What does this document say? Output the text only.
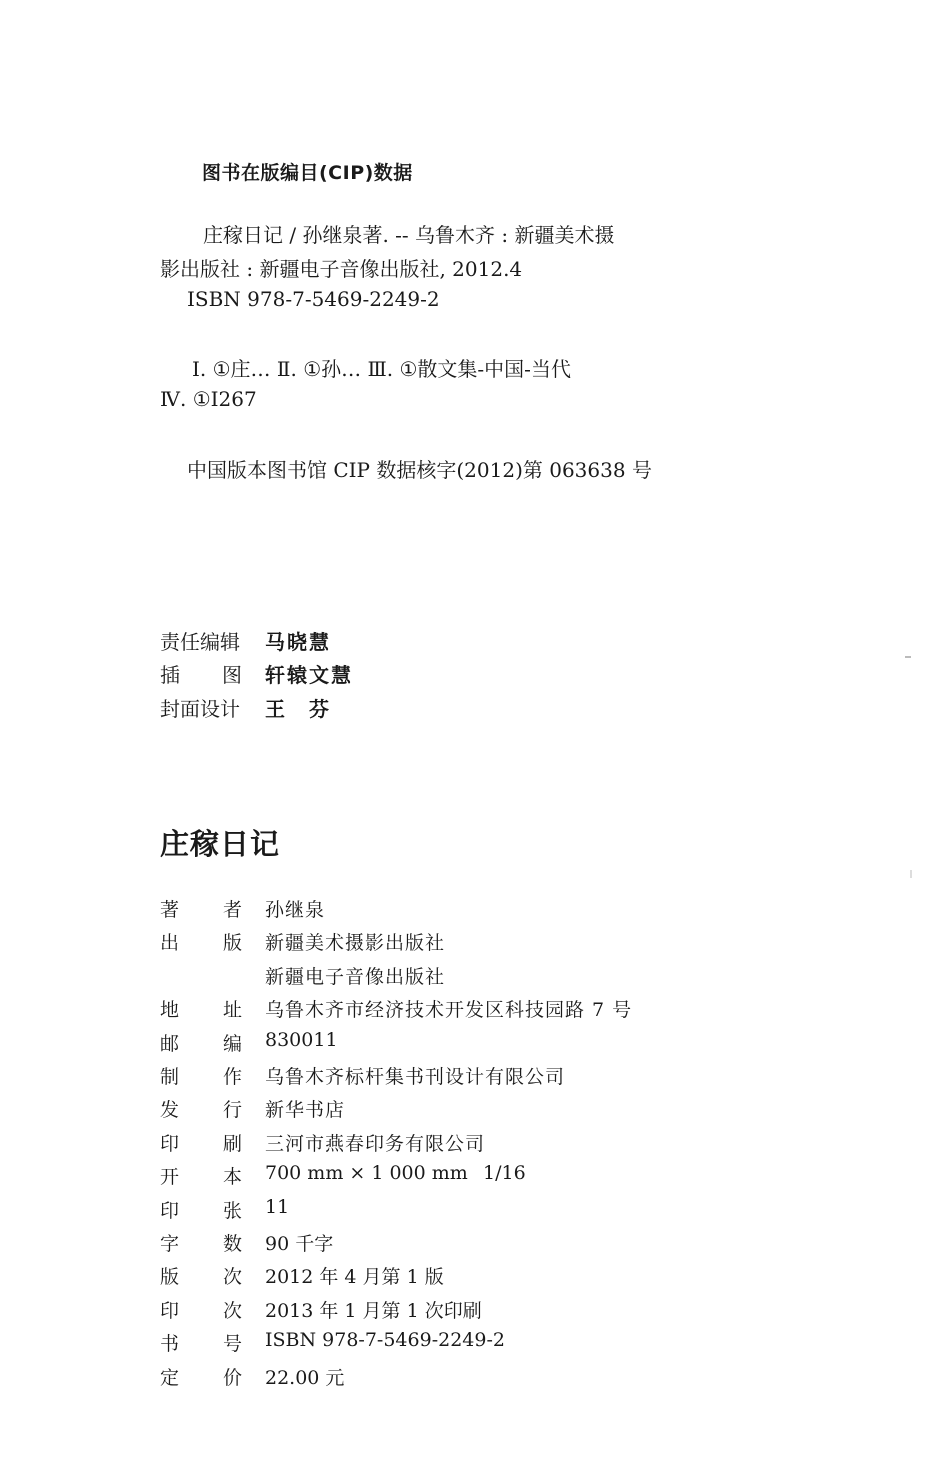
图书在版编目(CIP)数据
庄稼日记 / 孙继泉著. -- 乌鲁木齐 : 新疆美术摄
影出版社 : 新疆电子音像出版社, 2012.4
ISBN 978-7-5469-2249-2
Ⅰ. ①庄… Ⅱ. ①孙… Ⅲ. ①散文集-中国-当代
Ⅳ. ①I267
中国版本图书馆 CIP 数据核字(2012)第 063638 号
责任编辑 马晓慧
插 图 轩辕文慧
封面设计 王　芬
庄稼日记
著 者 孙继泉
出 版 新疆美术摄影出版社
新疆电子音像出版社
地 址 乌鲁木齐市经济技术开发区科技园路 7 号
邮 编 830011
制 作 乌鲁木齐标杆集书刊设计有限公司
发 行 新华书店
印 刷 三河市燕春印务有限公司
开 本 700 mm × 1 000 mm 1/16
印 张 11
字 数 90 千字
版 次 2012 年 4 月第 1 版
印 次 2013 年 1 月第 1 次印刷
书 号 ISBN 978-7-5469-2249-2
定 价 22.00 元
